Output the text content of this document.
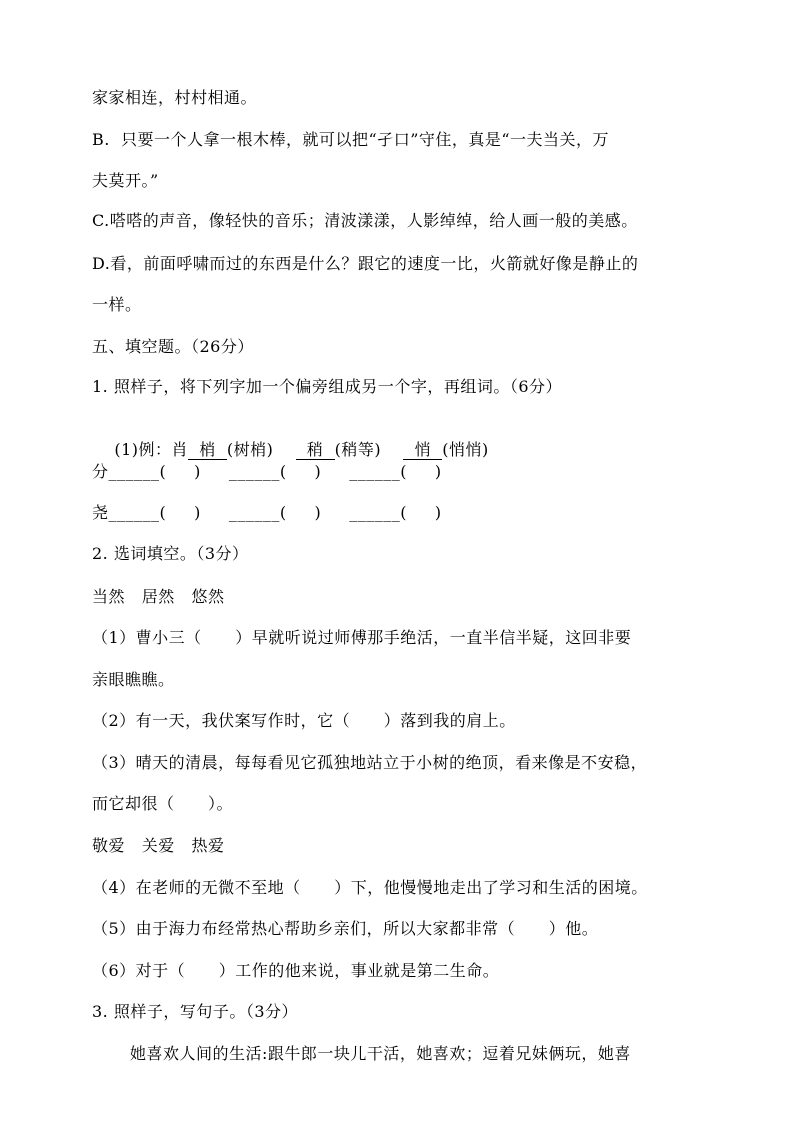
家家相连，村村相通。
B.  只要一个人拿一根木棒，就可以把“孑口”守住，真是“一夫当关，万
夫莫开。”
C.嗒嗒的声音，像轻快的音乐；清波漾漾，人影绰绰，给人画一般的美感。
D.看，前面呼啸而过的东西是什么？跟它的速度一比，火箭就好像是静止的
一样。
五、填空题。（26分）
1. 照样子，将下列字加一个偏旁组成另一个字，再组词。（6分）

(1)例：肖 梢 (树梢) 稍 (稍等) 悄 (悄悄)

分______(     )     ______(     )     ______(     )
尧______(     )     ______(     )     ______(     )
2. 选词填空。（3分）
当然   居然   悠然
（1）曹小三（      ）早就听说过师傅那手绝活，一直半信半疑，这回非要
亲眼瞧瞧。
（2）有一天，我伏案写作时，它（      ）落到我的肩上。
（3）晴天的清晨，每每看见它孤独地站立于小树的绝顶，看来像是不安稳，
而它却很（      ）。
敬爱   关爱   热爱
（4）在老师的无微不至地（      ）下，他慢慢地走出了学习和生活的困境。
（5）由于海力布经常热心帮助乡亲们，所以大家都非常（      ）他。
（6）对于（      ）工作的他来说，事业就是第二生命。
3. 照样子，写句子。（3分）
她喜欢人间的生活:跟牛郎一块儿干活，她喜欢；逗着兄妹俩玩，她喜
